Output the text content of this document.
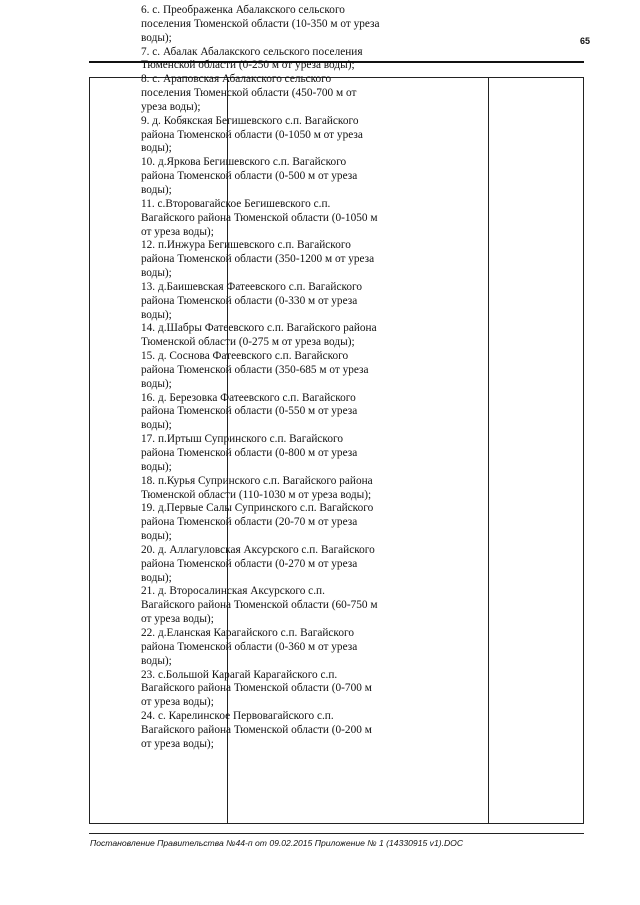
65

6. с. Преображенка Абалакского сельского
поселения Тюменской области (10-350 м от уреза
воды);

7. с. Абалак Абалакского сельского поселения
Тюменской области (0-250 м от уреза воды);

8. с. Араповская Абалакского сельского
поселения Тюменской области (450-700 м от
уреза воды);

9. д. Кобякская Бегишевского с.п. Вагайского
района Тюменской области (0-1050 м от уреза
воды);

10. д.Яркова Бегишевского с.п. Вагайского
района Тюменской области (0-500 м от уреза
воды);

11. с.Второвагайское Бегишевского с.п.
Вагайского района Тюменской области (0-1050 м
от уреза воды);

12. п.Инжура Бегишевского с.п. Вагайского
района Тюменской области (350-1200 м от уреза
воды);

13. д.Баишевская Фатеевского с.п. Вагайского
района Тюменской области (0-330 м от уреза
воды);

14. д.Шабры Фатеевского с.п. Вагайского района
Тюменской области (0-275 м от уреза воды);

15. д. Соснова Фатеевского с.п. Вагайского
района Тюменской области (350-685 м от уреза
воды);

16. д. Березовка Фатеевского с.п. Вагайского
района Тюменской области (0-550 м от уреза
воды);

17. п.Иртыш Супринского с.п. Вагайского
района Тюменской области (0-800 м от уреза
воды);

18. п.Курья Супринского с.п. Вагайского района
Тюменской области (110-1030 м от уреза воды);

19. д.Первые Салы Супринского с.п. Вагайского
района Тюменской области (20-70 м от уреза
воды);

20. д. Аллагуловская Аксурского с.п. Вагайского
района Тюменской области (0-270 м от уреза
воды);

21. д. Второсалинская Аксурского с.п.
Вагайского района Тюменской области (60-750 м
от уреза воды);

22. д.Еланская Карагайского с.п. Вагайского
района Тюменской области (0-360 м от уреза
воды);

23. с.Большой Карагай Карагайского с.п.
Вагайского района Тюменской области (0-700 м
от уреза воды);

24. с. Карелинское Первовагайского с.п.
Вагайского района Тюменской области (0-200 м
от уреза воды);

Постановление Правительства №44-п от 09.02.2015 Приложение № 1 (14330915 v1).DOC
